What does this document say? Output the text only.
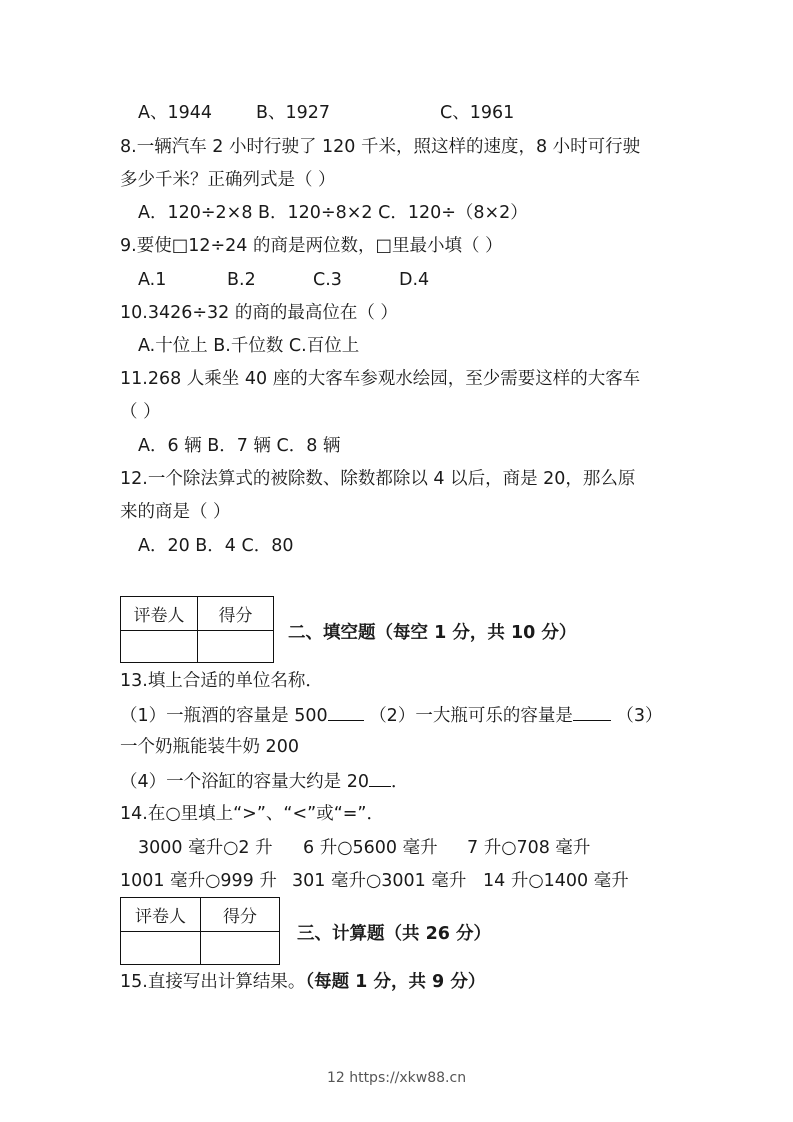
A、1944	B、1927	C、1961
8.一辆汽车 2 小时行驶了 120 千米，照这样的速度，8 小时可行驶
多少千米？正确列式是（ ）
A．120÷2×8 B．120÷8×2 C．120÷（8×2）
9.要使□12÷24 的商是两位数，□里最小填（ ）
A.1	B.2	C.3	D.4
10.3426÷32 的商的最高位在（ ）
A.十位上 B.千位数 C.百位上
11.268 人乘坐 40 座的大客车参观水绘园，至少需要这样的大客车
（ ）
A．6 辆 B．7 辆 C．8 辆
12.一个除法算式的被除数、除数都除以 4 以后，商是 20，那么原
来的商是（ ）
A．20 B．4 C．80
评卷人	得分

二、填空题（每空 1 分，共 10 分）
13.填上合适的单位名称．
（1）一瓶酒的容量是 500 （2）一大瓶可乐的容量是 （3）
一个奶瓶能装牛奶 200
（4）一个浴缸的容量大约是 20 ．
14.在○里填上“>”、“<”或“=”．
3000 毫升○2 升 6 升○5600 毫升 7 升○708 毫升
1001 毫升○999 升 301 毫升○3001 毫升 14 升○1400 毫升
评卷人	得分

三、计算题（共 26 分）
15.直接写出计算结果。（每题 1 分，共 9 分）
12 https://xkw88.cn
